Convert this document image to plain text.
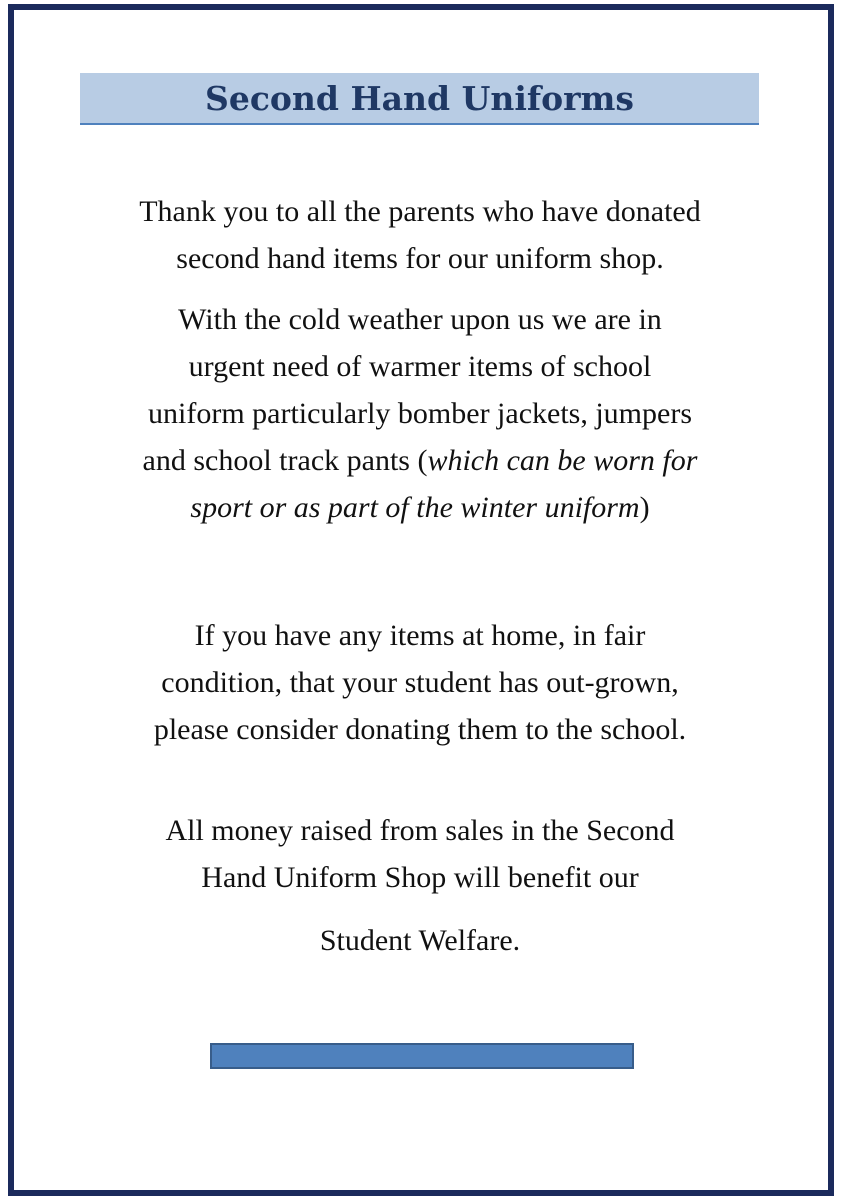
Second Hand Uniforms
Thank you to all the parents who have donated
second hand items for our uniform shop.
With the cold weather upon us we are in
urgent need of warmer items of school
uniform particularly bomber jackets, jumpers
and school track pants (which can be worn for
sport or as part of the winter uniform)
If you have any items at home, in fair
condition, that your student has out-grown,
please consider donating them to the school.
All money raised from sales in the Second
Hand Uniform Shop will benefit our
Student Welfare.
